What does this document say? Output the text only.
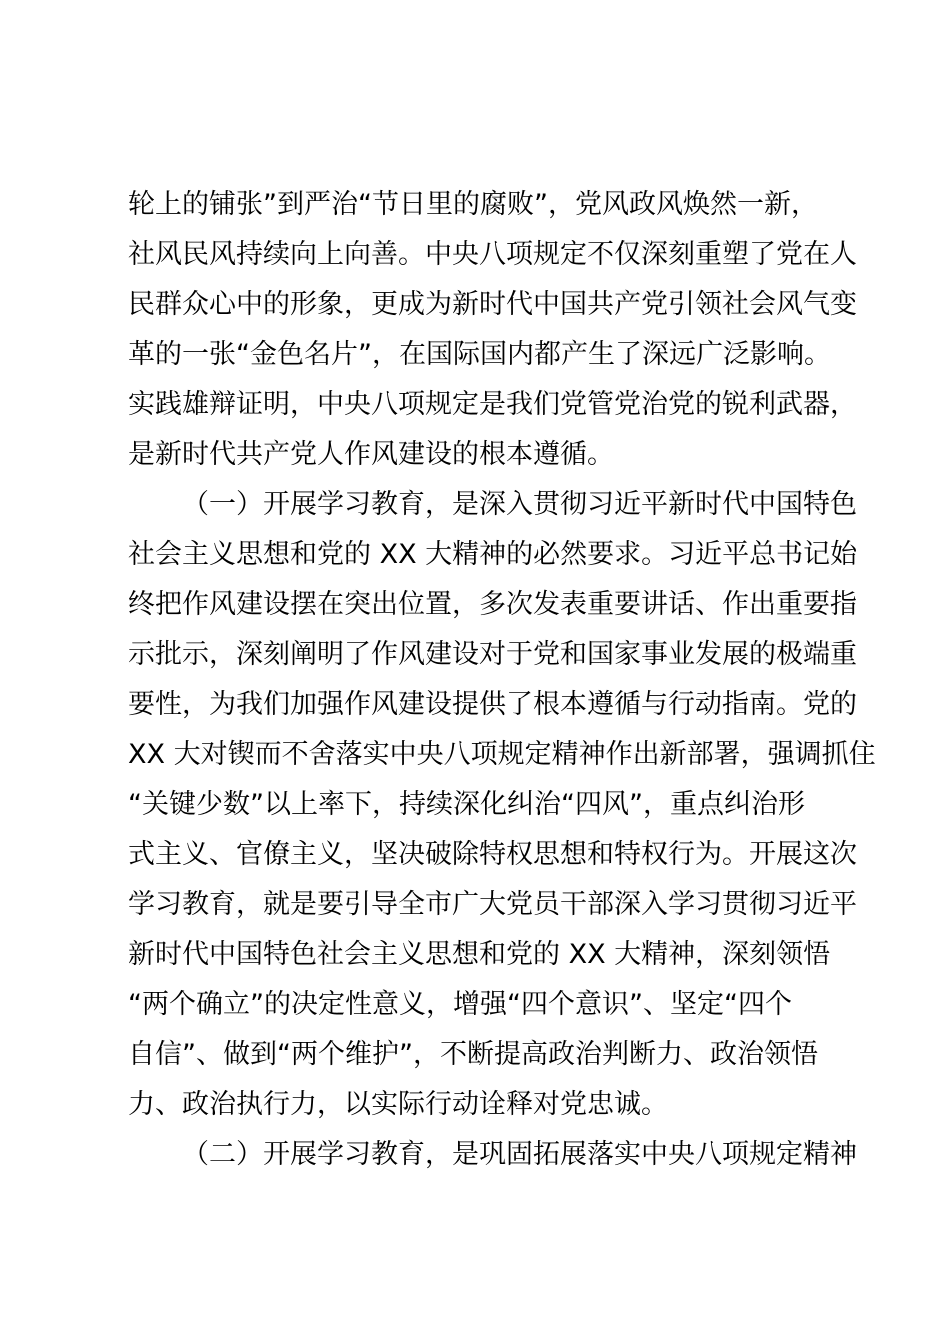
轮上的铺张”到严治“节日里的腐败”，党风政风焕然一新，
社风民风持续向上向善。中央八项规定不仅深刻重塑了党在人
民群众心中的形象，更成为新时代中国共产党引领社会风气变
革的一张“金色名片”，在国际国内都产生了深远广泛影响。
实践雄辩证明，中央八项规定是我们党管党治党的锐利武器，
是新时代共产党人作风建设的根本遵循。
（一）开展学习教育，是深入贯彻习近平新时代中国特色
社会主义思想和党的 XX 大精神的必然要求。习近平总书记始
终把作风建设摆在突出位置，多次发表重要讲话、作出重要指
示批示，深刻阐明了作风建设对于党和国家事业发展的极端重
要性，为我们加强作风建设提供了根本遵循与行动指南。党的
XX 大对锲而不舍落实中央八项规定精神作出新部署，强调抓住
“关键少数”以上率下，持续深化纠治“四风”，重点纠治形
式主义、官僚主义，坚决破除特权思想和特权行为。开展这次
学习教育，就是要引导全市广大党员干部深入学习贯彻习近平
新时代中国特色社会主义思想和党的 XX 大精神，深刻领悟
“两个确立”的决定性意义，增强“四个意识”、坚定“四个
自信”、做到“两个维护”，不断提高政治判断力、政治领悟
力、政治执行力，以实际行动诠释对党忠诚。
（二）开展学习教育，是巩固拓展落实中央八项规定精神
